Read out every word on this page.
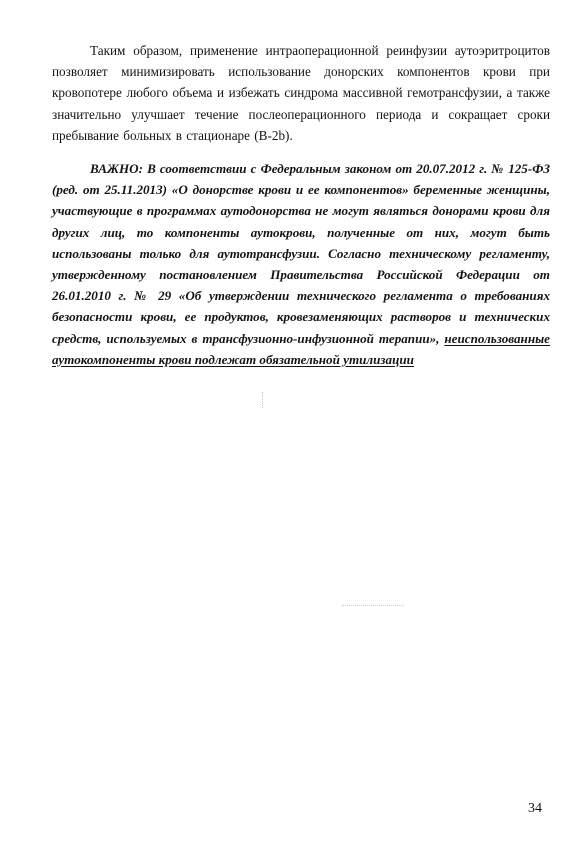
Таким образом, применение интраоперационной реинфузии аутоэритроцитов позволяет минимизировать использование донорских компонентов крови при кровопотере любого объема и избежать синдрома массивной гемотрансфузии, а также значительно улучшает течение послеоперационного периода и сокращает сроки пребывание больных в стационаре (В-2b).

ВАЖНО: В соответствии с Федеральным законом от 20.07.2012 г. № 125-ФЗ (ред. от 25.11.2013) «О донорстве крови и ее компонентов» беременные женщины, участвующие в программах аутодонорства не могут являться донорами крови для других лиц, то компоненты аутокрови, полученные от них, могут быть использованы только для аутотрансфузии. Согласно техническому регламенту, утвержденному постановлением Правительства Российской Федерации от 26.01.2010 г. № 29 «Об утверждении технического регламента о требованиях безопасности крови, ее продуктов, кровезаменяющих растворов и технических средств, используемых в трансфузионно-инфузионной терапии», неиспользованные аутокомпоненты крови подлежат обязательной утилизации

34
